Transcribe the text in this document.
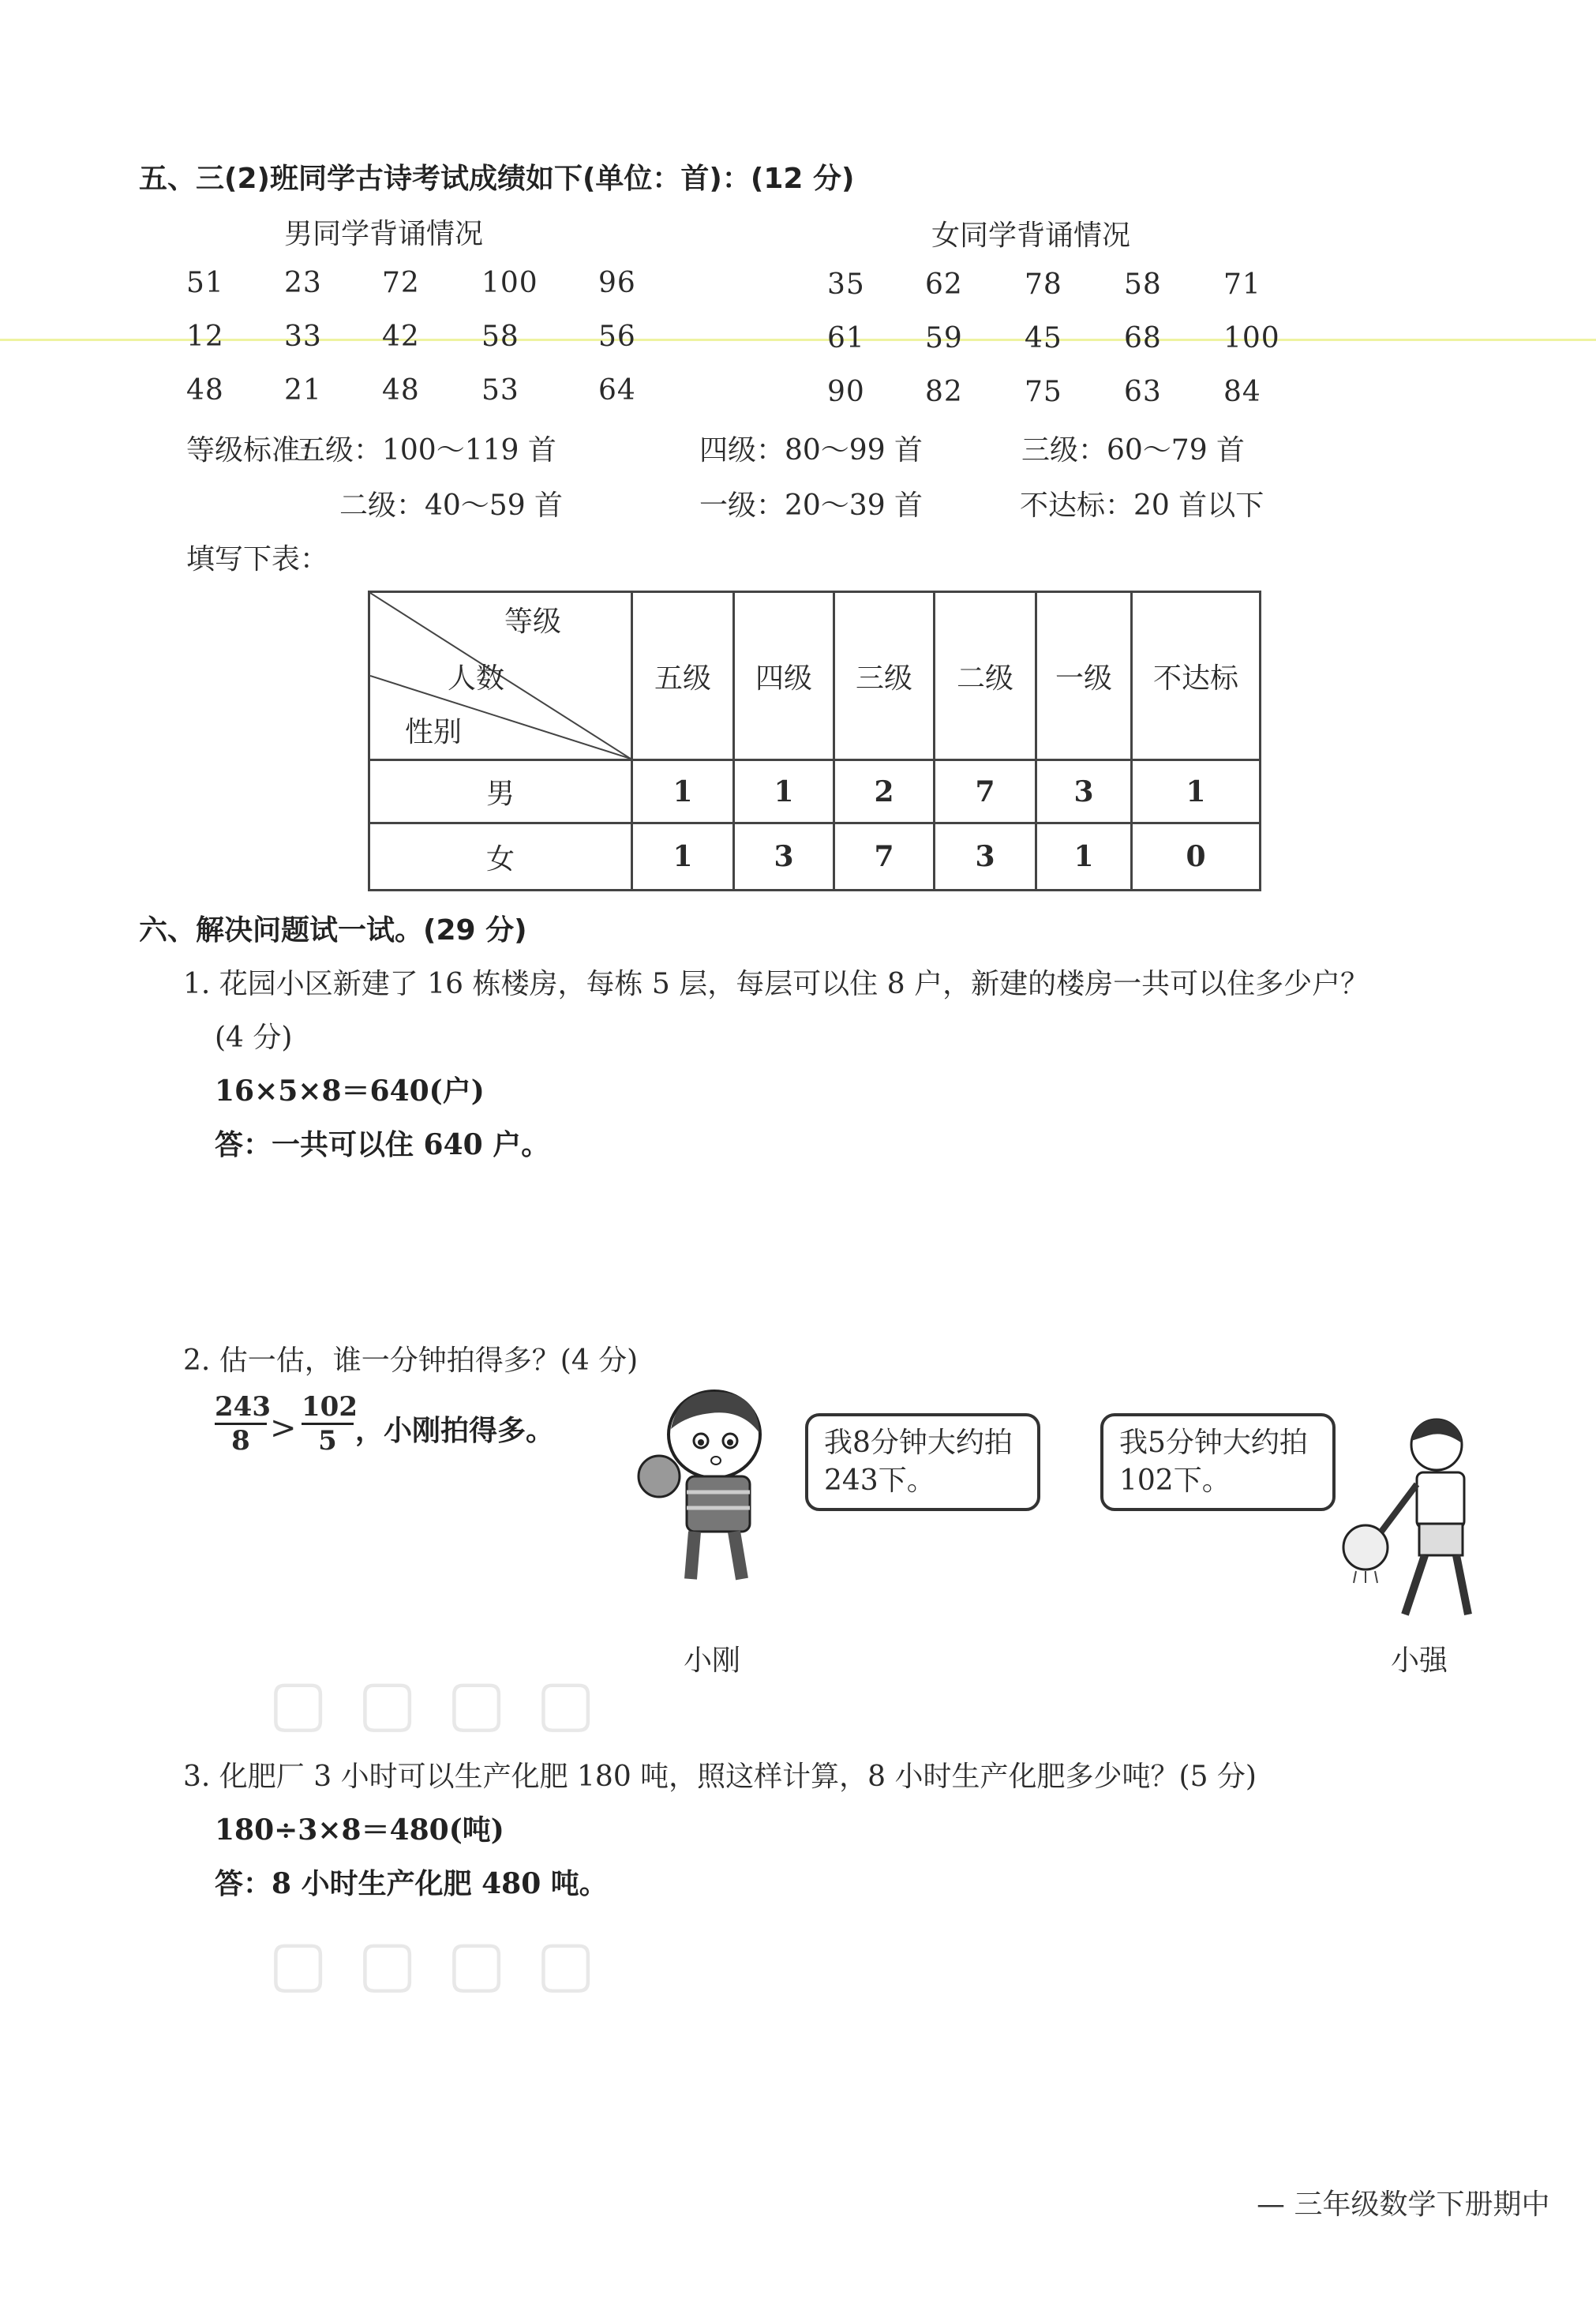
五、三(2)班同学古诗考试成绩如下(单位：首)：(12 分)
男同学背诵情况	女同学背诵情况
51 23 72 100 96
12 33 42 58	56
48 21 48 53	64
35 62 78 58 71
61 59 45 68 100
90 82 75 63 84
等级标准：
五级：100～119 首	四级：80～99 首	三级：60～79 首
二级：40～59 首	一级：20～39 首	不达标：20 首以下
填写下表：
等级
人数
性别	五级	四级	三级	二级	一级	不达标
男	1	1	2	7	3	1
女	1	3	7	3	1	0
六、解决问题试一试。(29 分)
1. 花园小区新建了 16 栋楼房，每栋 5 层，每层可以住 8 户，新建的楼房一共可以住多少户？
(4 分)
16×5×8＝640(户)
答：一共可以住 640 户。
2. 估一估，谁一分钟拍得多？(4 分)
$\frac{243}{8} > \frac{102}{5}$ ，小刚拍得多。	我8分钟大约拍243下。
我5分钟大约拍102下。
小刚	小强
3. 化肥厂 3 小时可以生产化肥 180 吨，照这样计算，8 小时生产化肥多少吨？(5 分)
180÷3×8＝480(吨)
答：8 小时生产化肥 480 吨。
▢ ▢ ▢ ▢
▢ ▢ ▢ ▢
— 三年级数学下册期中
